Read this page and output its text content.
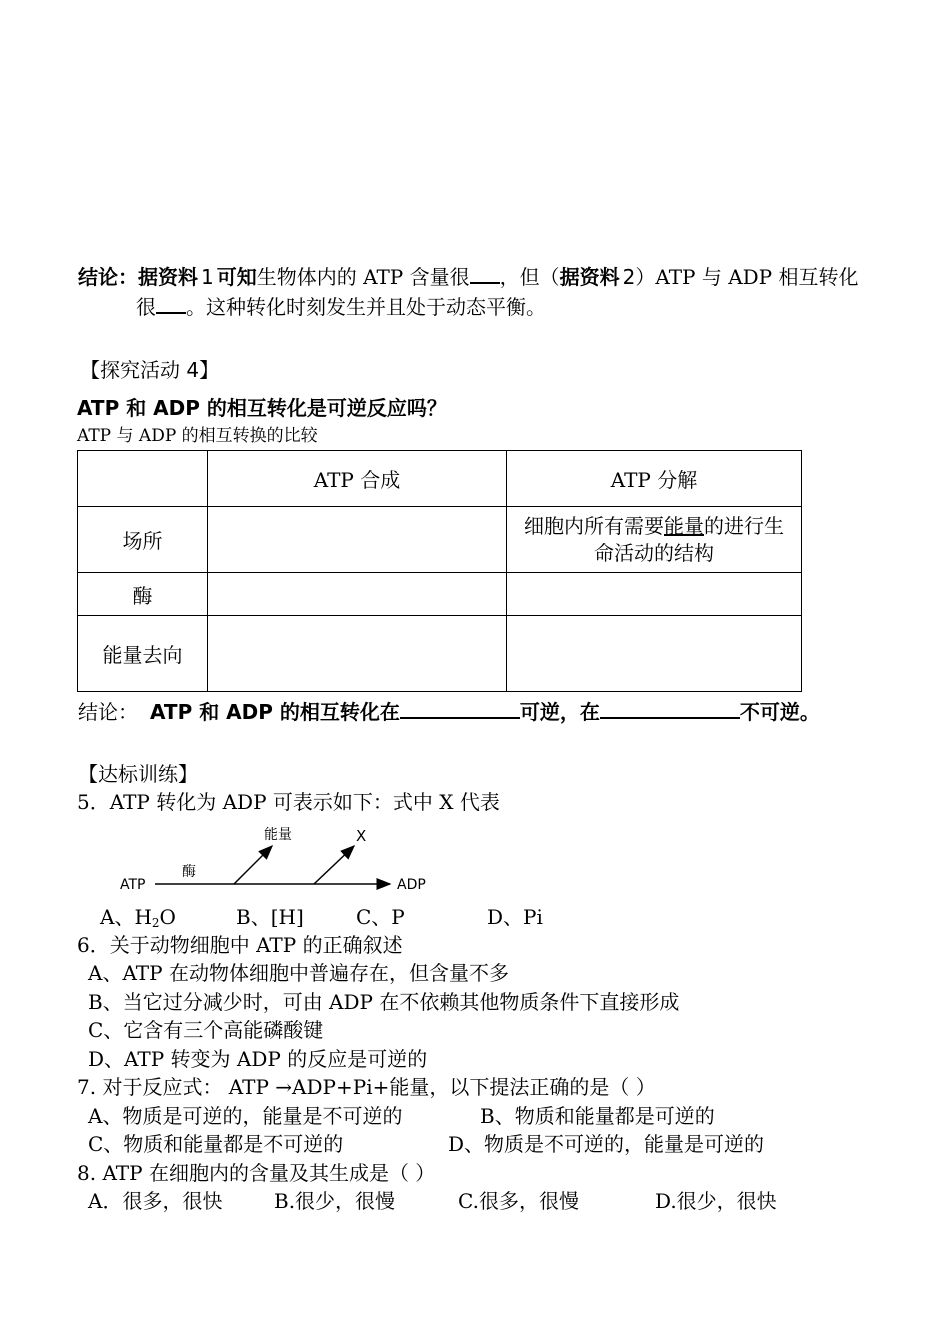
结论：据资料 1 可知生物体内的 ATP 含量很 ，但（据资料 2）ATP 与 ADP 相互转化
很 。这种转化时刻发生并且处于动态平衡。
【探究活动 4】
ATP 和 ADP 的相互转化是可逆反应吗？
ATP 与 ADP 的相互转换的比较
	ATP 合成	ATP 分解
场所		细胞内所有需要能量的进行生
命活动的结构
酶		
能量去向		
结论： ATP 和 ADP 的相互转化在	可逆，在	不可逆。
【达标训练】
5．ATP 转化为 ADP 可表示如下：式中 X 代表
ATP	ADP
酶
能量	X
A、$H_2O$	B、[H]	C、P	D、Pi
6．关于动物细胞中 ATP 的正确叙述
A、ATP 在动物体细胞中普遍存在，但含量不多
B、当它过分减少时，可由 ADP 在不依赖其他物质条件下直接形成
C、它含有三个高能磷酸键
D、ATP 转变为 ADP 的反应是可逆的
7. 对于反应式： ATP →ADP+Pi+能量，以下提法正确的是（ ）
A、物质是可逆的，能量是不可逆的	B、物质和能量都是可逆的
C、物质和能量都是不可逆的	D、物质是不可逆的，能量是可逆的
8. ATP 在细胞内的含量及其生成是（ ）
A．很多，很快	B.很少，很慢	C.很多，很慢	D.很少，很快
